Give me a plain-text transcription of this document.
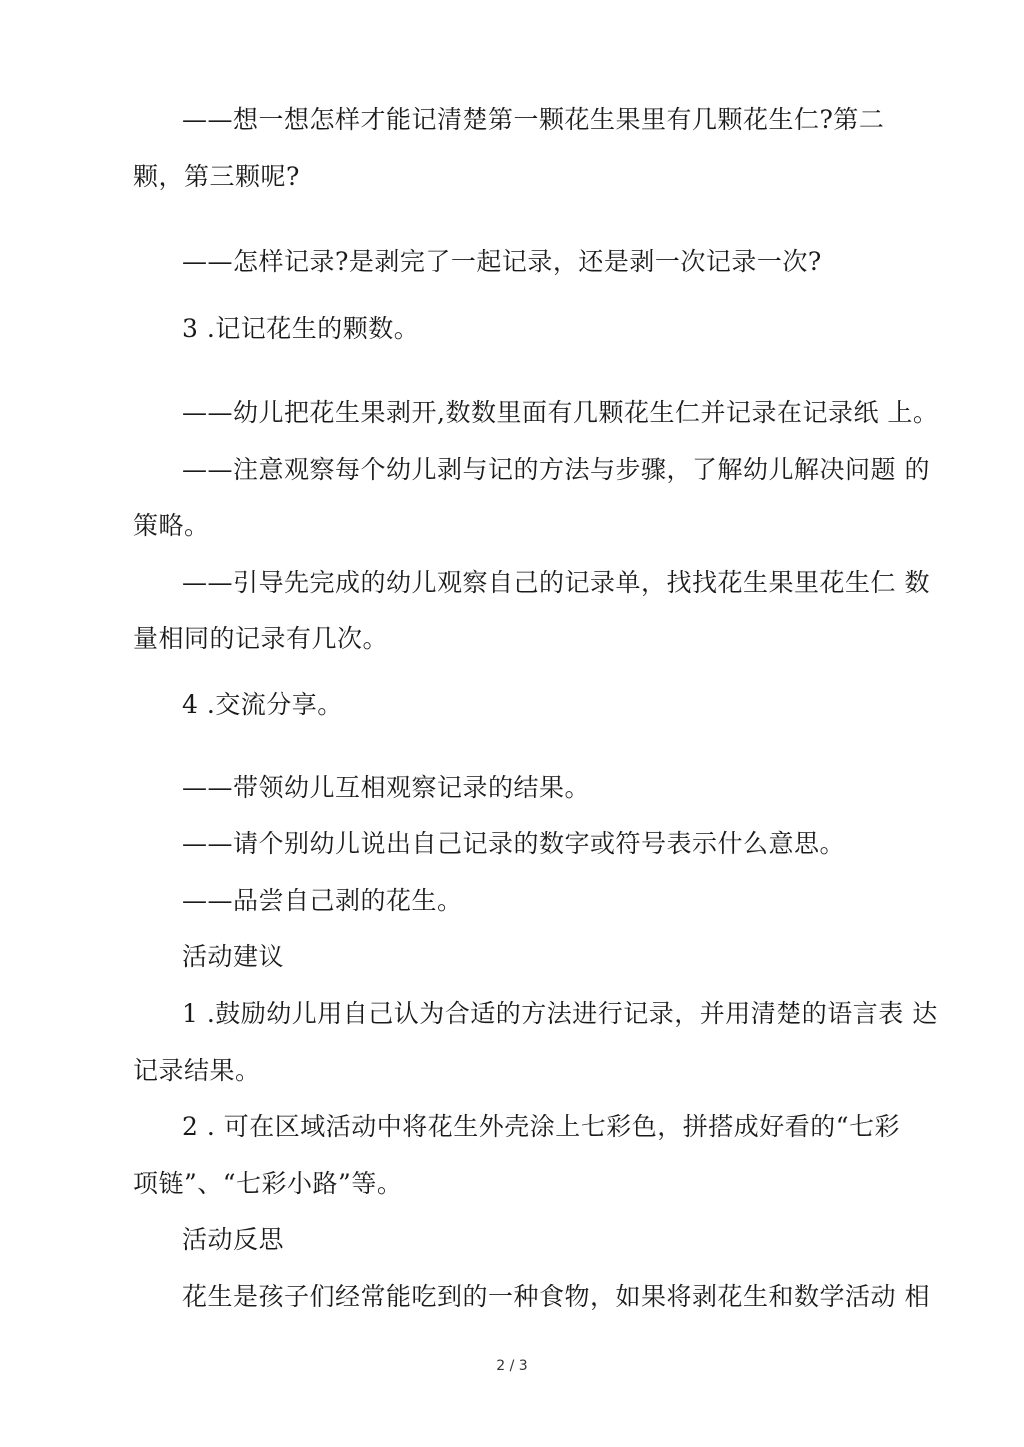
——想一想怎样才能记清楚第一颗花生果里有几颗花生仁?第二
颗，第三颗呢?
——怎样记录?是剥完了一起记录，还是剥一次记录一次?
3 .记记花生的颗数。
——幼儿把花生果剥开,数数里面有几颗花生仁并记录在记录纸 上。
——注意观察每个幼儿剥与记的方法与步骤，了解幼儿解决问题 的
策略。
——引导先完成的幼儿观察自己的记录单，找找花生果里花生仁 数
量相同的记录有几次。
4 .交流分享。
——带领幼儿互相观察记录的结果。
——请个别幼儿说出自己记录的数字或符号表示什么意思。
——品尝自己剥的花生。
活动建议
1 .鼓励幼儿用自己认为合适的方法进行记录，并用清楚的语言表 达
记录结果。
2 . 可在区域活动中将花生外壳涂上七彩色，拼搭成好看的“七彩
项链”、“七彩小路”等。
活动反思
花生是孩子们经常能吃到的一种食物，如果将剥花生和数学活动 相
2 / 3
